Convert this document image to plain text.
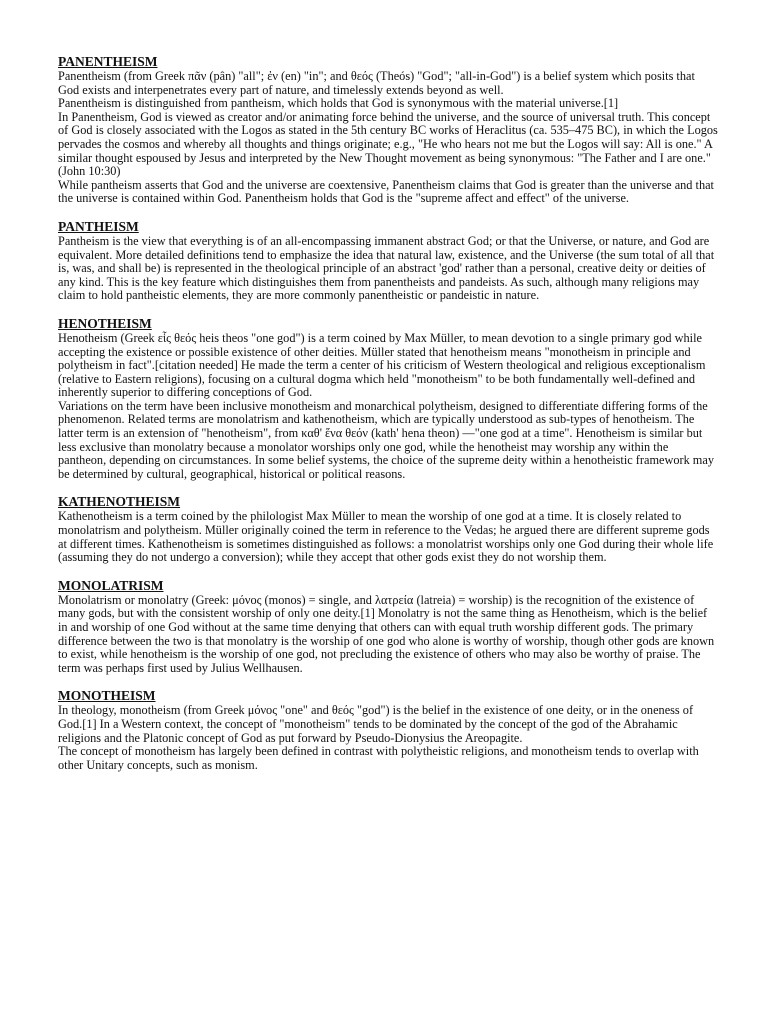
PANENTHEISM
Panentheism (from Greek πᾶν (pân) "all"; ἐν (en) "in"; and θεός (Theós) "God"; "all-in-God") is a belief system which posits that God exists and interpenetrates every part of nature, and timelessly extends beyond as well.
Panentheism is distinguished from pantheism, which holds that God is synonymous with the material universe.[1]
In Panentheism, God is viewed as creator and/or animating force behind the universe, and the source of universal truth. This concept of God is closely associated with the Logos as stated in the 5th century BC works of Heraclitus (ca. 535–475 BC), in which the Logos pervades the cosmos and whereby all thoughts and things originate; e.g., "He who hears not me but the Logos will say: All is one." A similar thought espoused by Jesus and interpreted by the New Thought movement as being synonymous: "The Father and I are one." (John 10:30)
While pantheism asserts that God and the universe are coextensive, Panentheism claims that God is greater than the universe and that the universe is contained within God. Panentheism holds that God is the "supreme affect and effect" of the universe.
PANTHEISM
Pantheism is the view that everything is of an all-encompassing immanent abstract God; or that the Universe, or nature, and God are equivalent. More detailed definitions tend to emphasize the idea that natural law, existence, and the Universe (the sum total of all that is, was, and shall be) is represented in the theological principle of an abstract 'god' rather than a personal, creative deity or deities of any kind. This is the key feature which distinguishes them from panentheists and pandeists. As such, although many religions may claim to hold pantheistic elements, they are more commonly panentheistic or pandeistic in nature.
HENOTHEISM
Henotheism (Greek εἷς θεός heis theos "one god") is a term coined by Max Müller, to mean devotion to a single primary god while accepting the existence or possible existence of other deities. Müller stated that henotheism means "monotheism in principle and polytheism in fact".[citation needed] He made the term a center of his criticism of Western theological and religious exceptionalism (relative to Eastern religions), focusing on a cultural dogma which held "monotheism" to be both fundamentally well-defined and inherently superior to differing conceptions of God.
Variations on the term have been inclusive monotheism and monarchical polytheism, designed to differentiate differing forms of the phenomenon. Related terms are monolatrism and kathenotheism, which are typically understood as sub-types of henotheism. The latter term is an extension of "henotheism", from καθ' ἕνα θεόν (kath' hena theon) —"one god at a time". Henotheism is similar but less exclusive than monolatry because a monolator worships only one god, while the henotheist may worship any within the pantheon, depending on circumstances. In some belief systems, the choice of the supreme deity within a henotheistic framework may be determined by cultural, geographical, historical or political reasons.
KATHENOTHEISM
Kathenotheism is a term coined by the philologist Max Müller to mean the worship of one god at a time. It is closely related to monolatrism and polytheism. Müller originally coined the term in reference to the Vedas; he argued there are different supreme gods at different times. Kathenotheism is sometimes distinguished as follows: a monolatrist worships only one God during their whole life (assuming they do not undergo a conversion); while they accept that other gods exist they do not worship them.
MONOLATRISM
Monolatrism or monolatry (Greek: μόνος (monos) = single, and λατρεία (latreia) = worship) is the recognition of the existence of many gods, but with the consistent worship of only one deity.[1] Monolatry is not the same thing as Henotheism, which is the belief in and worship of one God without at the same time denying that others can with equal truth worship different gods. The primary difference between the two is that monolatry is the worship of one god who alone is worthy of worship, though other gods are known to exist, while henotheism is the worship of one god, not precluding the existence of others who may also be worthy of praise. The term was perhaps first used by Julius Wellhausen.
MONOTHEISM
In theology, monotheism (from Greek μόνος "one" and θεός "god") is the belief in the existence of one deity, or in the oneness of God.[1] In a Western context, the concept of "monotheism" tends to be dominated by the concept of the god of the Abrahamic religions and the Platonic concept of God as put forward by Pseudo-Dionysius the Areopagite.
The concept of monotheism has largely been defined in contrast with polytheistic religions, and monotheism tends to overlap with other Unitary concepts, such as monism.
